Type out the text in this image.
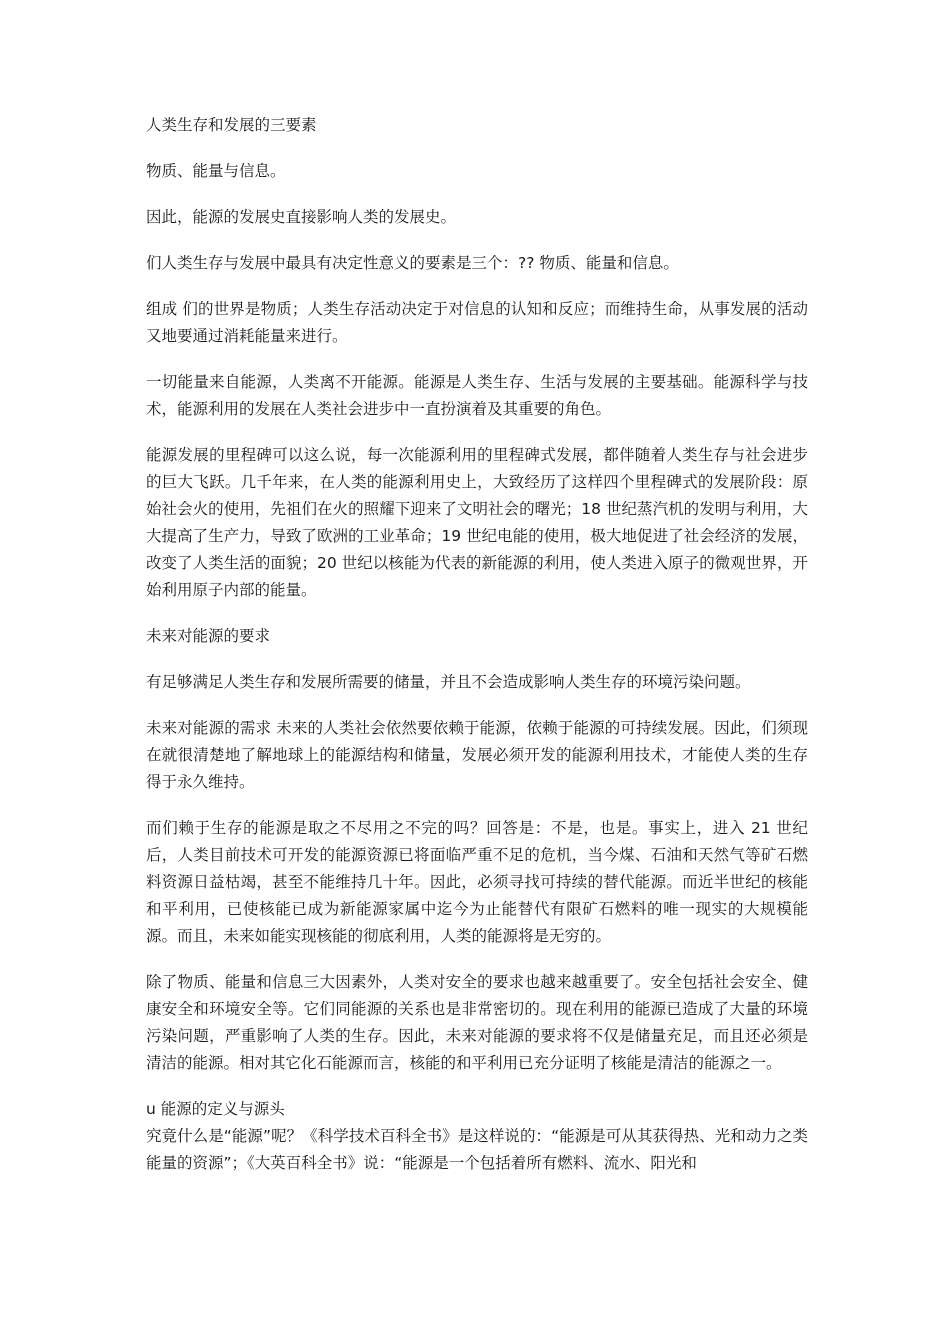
人类生存和发展的三要素

物质、能量与信息。

因此，能源的发展史直接影响人类的发展史。

们人类生存与发展中最具有决定性意义的要素是三个：?? 物质、能量和信息。

组成 们的世界是物质；人类生存活动决定于对信息的认知和反应；而维持生命，从事发展的活动又地要通过消耗能量来进行。

一切能量来自能源，人类离不开能源。能源是人类生存、生活与发展的主要基础。能源科学与技术，能源利用的发展在人类社会进步中一直扮演着及其重要的角色。

能源发展的里程碑可以这么说，每一次能源利用的里程碑式发展，都伴随着人类生存与社会进步的巨大飞跃。几千年来，在人类的能源利用史上，大致经历了这样四个里程碑式的发展阶段：原始社会火的使用，先祖们在火的照耀下迎来了文明社会的曙光；18 世纪蒸汽机的发明与利用，大大提高了生产力，导致了欧洲的工业革命；19 世纪电能的使用，极大地促进了社会经济的发展，改变了人类生活的面貌；20 世纪以核能为代表的新能源的利用，使人类进入原子的微观世界，开始利用原子内部的能量。

未来对能源的要求

有足够满足人类生存和发展所需要的储量，并且不会造成影响人类生存的环境污染问题。

未来对能源的需求 未来的人类社会依然要依赖于能源，依赖于能源的可持续发展。因此，们须现在就很清楚地了解地球上的能源结构和储量，发展必须开发的能源利用技术，才能使人类的生存得于永久维持。

而们赖于生存的能源是取之不尽用之不完的吗？回答是：不是，也是。事实上，进入 21 世纪后，人类目前技术可开发的能源资源已将面临严重不足的危机，当今煤、石油和天然气等矿石燃料资源日益枯竭，甚至不能维持几十年。因此，必须寻找可持续的替代能源。而近半世纪的核能和平利用，已使核能已成为新能源家属中迄今为止能替代有限矿石燃料的唯一现实的大规模能源。而且，未来如能实现核能的彻底利用，人类的能源将是无穷的。

除了物质、能量和信息三大因素外，人类对安全的要求也越来越重要了。安全包括社会安全、健康安全和环境安全等。它们同能源的关系也是非常密切的。现在利用的能源已造成了大量的环境污染问题，严重影响了人类的生存。因此，未来对能源的要求将不仅是储量充足，而且还必须是清洁的能源。相对其它化石能源而言，核能的和平利用已充分证明了核能是清洁的能源之一。

u 能源的定义与源头

究竟什么是“能源”呢？《科学技术百科全书》是这样说的：“能源是可从其获得热、光和动力之类能量的资源”；《大英百科全书》说：“能源是一个包括着所有燃料、流水、阳光和
